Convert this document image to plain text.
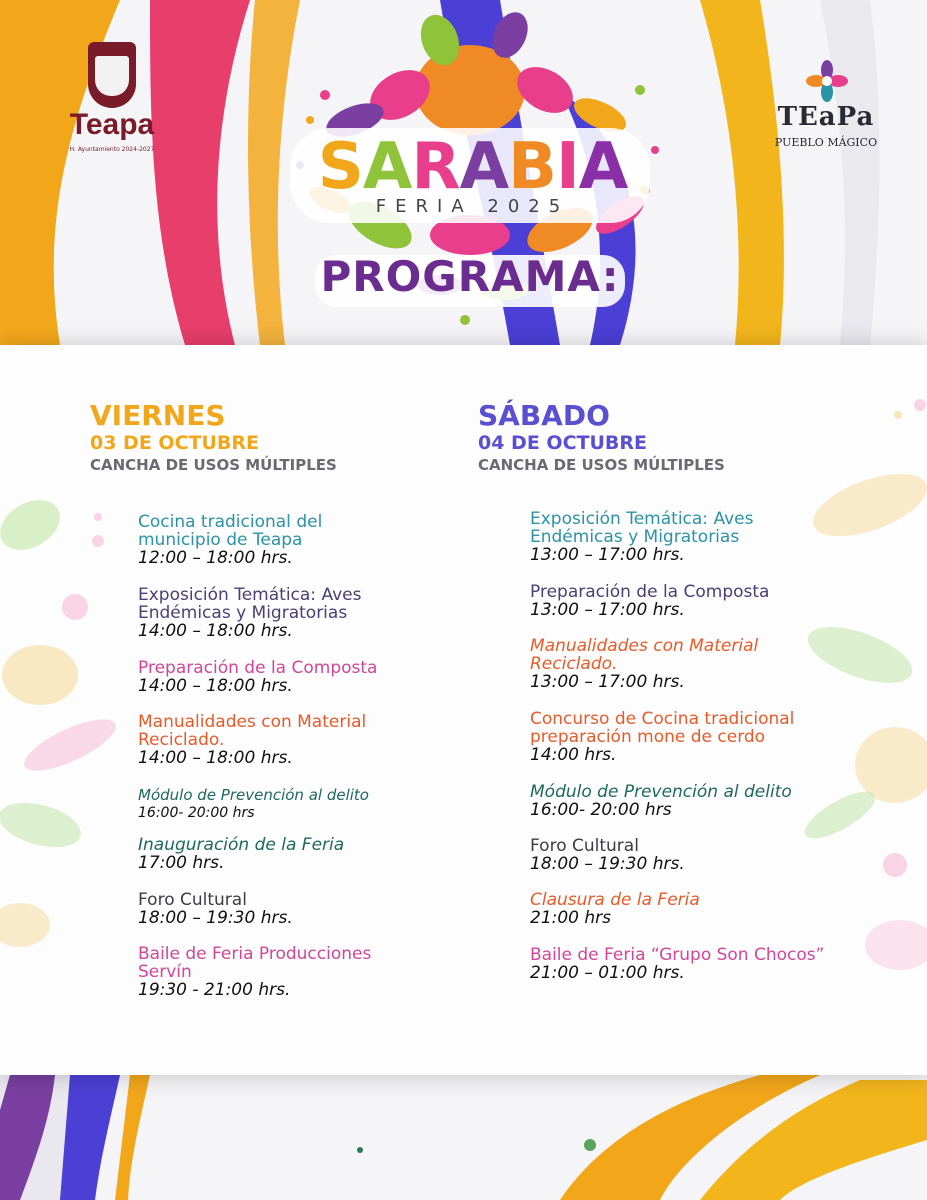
Teapa
H. Ayuntamiento 2024-2027
TEaPa
PUEBLO MÁGICO
SARABIA
FERIA 2025
PROGRAMA:
VIERNES
03 DE OCTUBRE
CANCHA DE USOS MÚLTIPLES
SÁBADO
04 DE OCTUBRE
CANCHA DE USOS MÚLTIPLES
Cocina tradicional del
municipio de Teapa
12:00 – 18:00 hrs.
Exposición Temática: Aves
Endémicas y Migratorias
14:00 – 18:00 hrs.
Preparación de la Composta
14:00 – 18:00 hrs.
Manualidades con Material
Reciclado.
14:00 – 18:00 hrs.
Módulo de Prevención al delito
16:00- 20:00 hrs
Inauguración de la Feria
17:00 hrs.
Foro Cultural
18:00 – 19:30 hrs.
Baile de Feria Producciones
Servín
19:30 - 21:00 hrs.
Exposición Temática: Aves
Endémicas y Migratorias
13:00 – 17:00 hrs.
Preparación de la Composta
13:00 – 17:00 hrs.
Manualidades con Material
Reciclado.
13:00 – 17:00 hrs.
Concurso de Cocina tradicional
preparación mone de cerdo
14:00 hrs.
Módulo de Prevención al delito
16:00- 20:00 hrs
Foro Cultural
18:00 – 19:30 hrs.
Clausura de la Feria
21:00 hrs
Baile de Feria “Grupo Son Chocos”
21:00 – 01:00 hrs.
